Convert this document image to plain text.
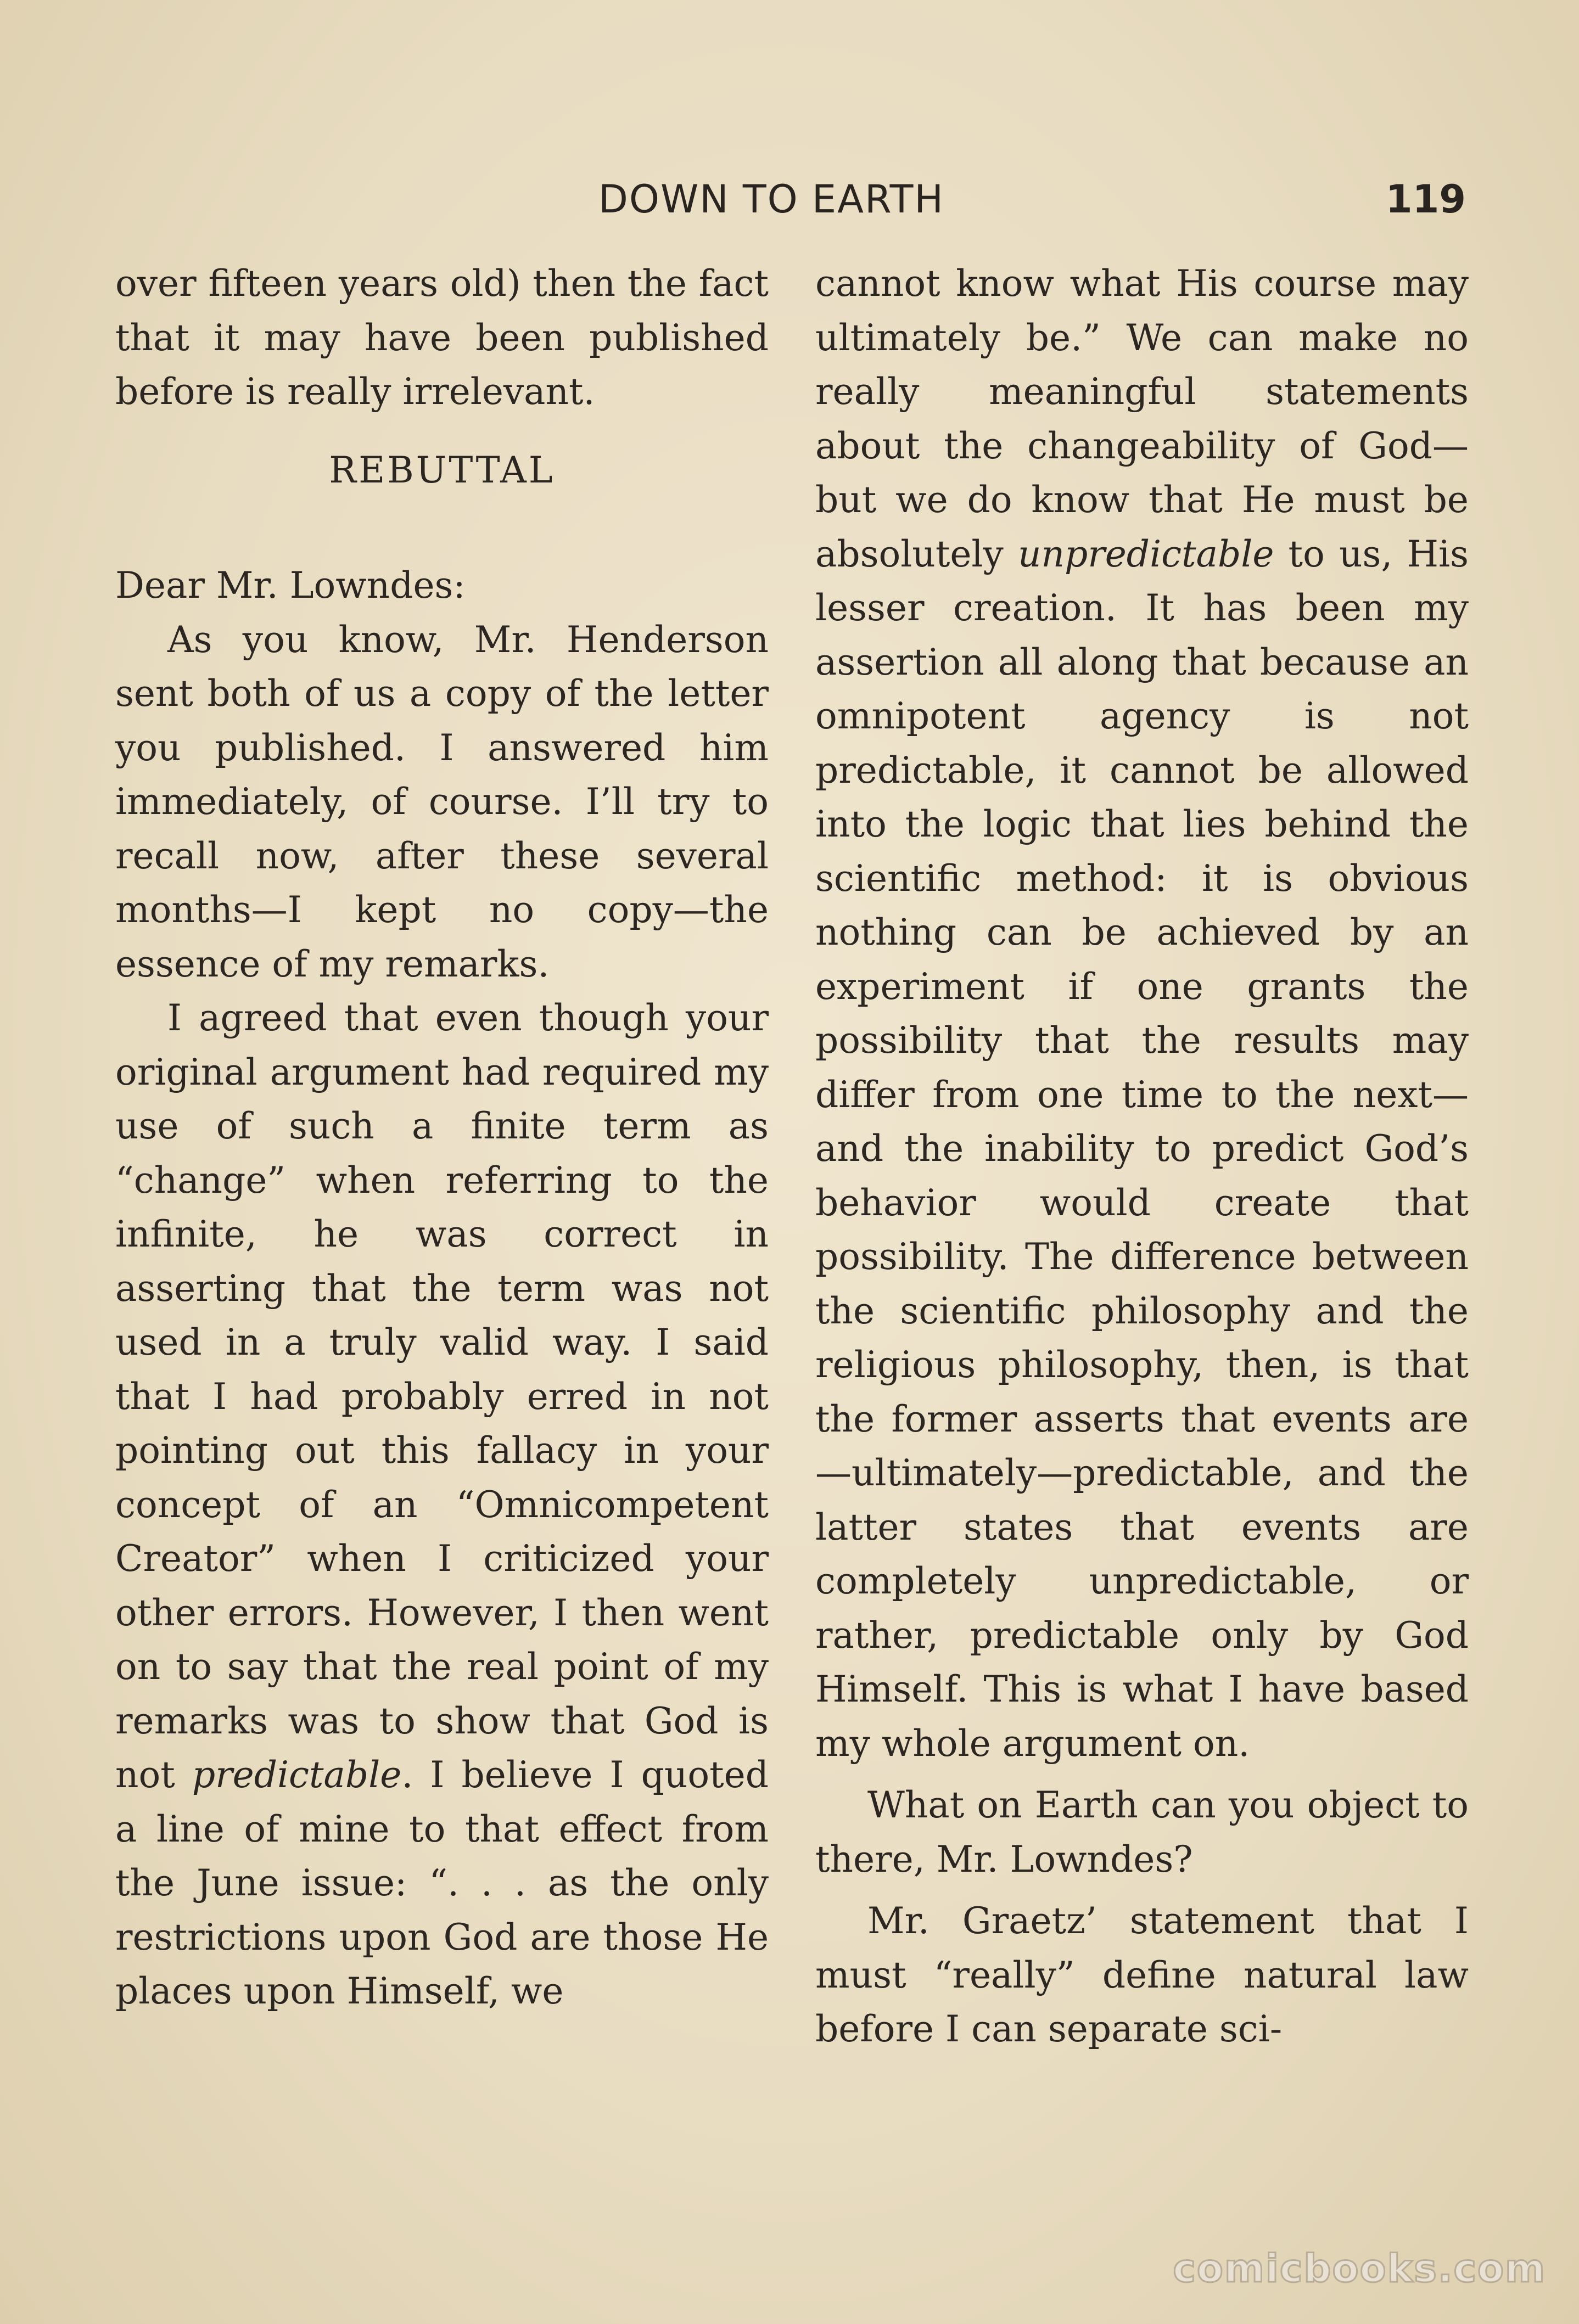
DOWN TO EARTH	119

over fifteen years old) then the fact that it may have been published before is really irrelevant.

REBUTTAL

Dear Mr. Lowndes:

As you know, Mr. Henderson sent both of us a copy of the letter you published. I answered him immediately, of course. I’ll try to recall now, after these several months—I kept no copy—the essence of my remarks.

I agreed that even though your original argument had required my use of such a finite term as “change” when referring to the infinite, he was correct in asserting that the term was not used in a truly valid way. I said that I had probably erred in not pointing out this fallacy in your concept of an “Omnicompetent Creator” when I criticized your other errors. However, I then went on to say that the real point of my remarks was to show that God is not predictable. I believe I quoted a line of mine to that effect from the June issue: “. . . as the only restrictions upon God are those He places upon Himself, we

cannot know what His course may ultimately be.” We can make no really meaningful statements about the changeability of God—but we do know that He must be absolutely unpredictable to us, His lesser creation. It has been my assertion all along that because an omnipotent agency is not predictable, it cannot be allowed into the logic that lies behind the scientific method: it is obvious nothing can be achieved by an experiment if one grants the possibility that the results may differ from one time to the next—and the inability to predict God’s behavior would create that possibility. The difference between the scientific philosophy and the religious philosophy, then, is that the former asserts that events are—ultimately—predictable, and the latter states that events are completely unpredictable, or rather, predictable only by God Himself. This is what I have based my whole argument on.

What on Earth can you object to there, Mr. Lowndes?

Mr. Graetz’ statement that I must “really” define natural law before I can separate sci-

comicbooks.com
